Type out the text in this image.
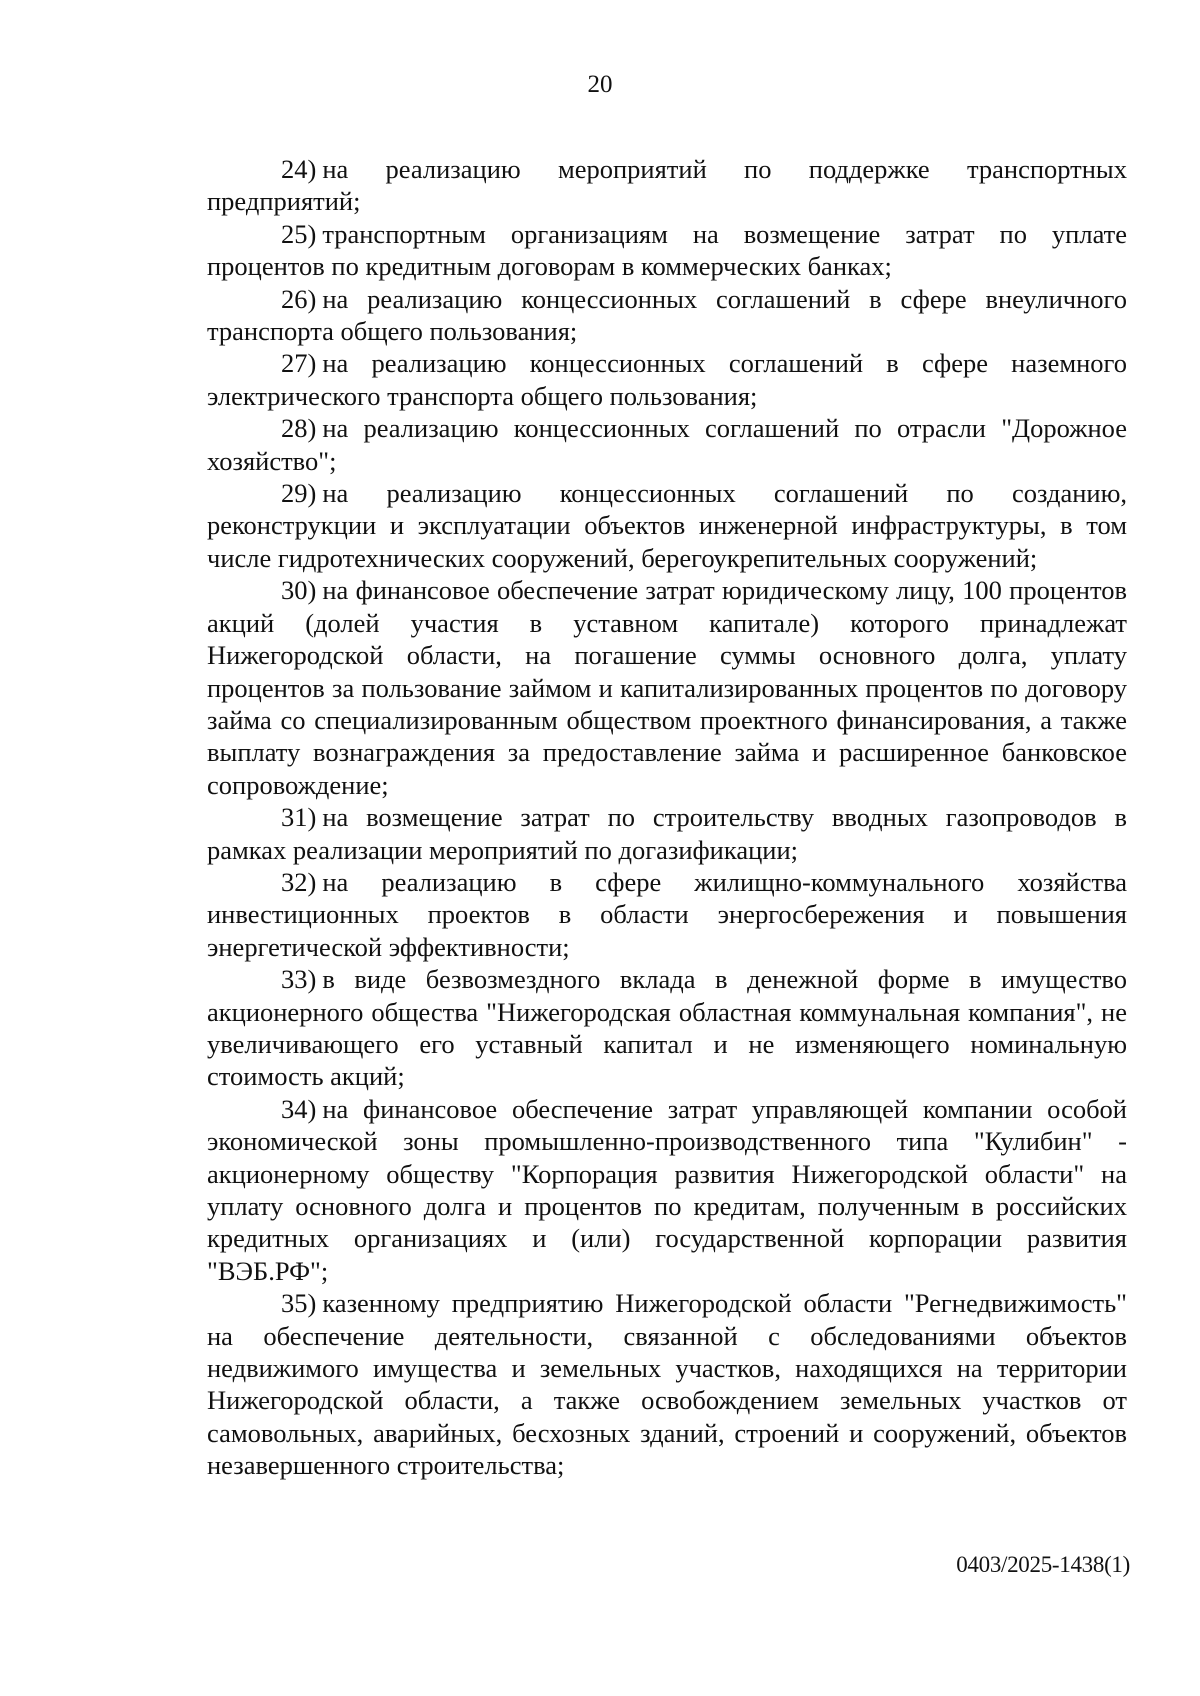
20

24) на реализацию мероприятий по поддержке транспортных предприятий;

25) транспортным организациям на возмещение затрат по уплате процентов по кредитным договорам в коммерческих банках;

26) на реализацию концессионных соглашений в сфере внеуличного транспорта общего пользования;

27) на реализацию концессионных соглашений в сфере наземного электрического транспорта общего пользования;

28) на реализацию концессионных соглашений по отрасли "Дорожное хозяйство";

29) на реализацию концессионных соглашений по созданию, реконструкции и эксплуатации объектов инженерной инфраструктуры, в том числе гидротехнических сооружений, берегоукрепительных сооружений;

30) на финансовое обеспечение затрат юридическому лицу, 100 процентов акций (долей участия в уставном капитале) которого принадлежат Нижегородской области, на погашение суммы основного долга, уплату процентов за пользование займом и капитализированных процентов по договору займа со специализированным обществом проектного финансирования, а также выплату вознаграждения за предоставление займа и расширенное банковское сопровождение;

31) на возмещение затрат по строительству вводных газопроводов в рамках реализации мероприятий по догазификации;

32) на реализацию в сфере жилищно-коммунального хозяйства инвестиционных проектов в области энергосбережения и повышения энергетической эффективности;

33) в виде безвозмездного вклада в денежной форме в имущество акционерного общества "Нижегородская областная коммунальная компания", не увеличивающего его уставный капитал и не изменяющего номинальную стоимость акций;

34) на финансовое обеспечение затрат управляющей компании особой экономической зоны промышленно-производственного типа "Кулибин" - акционерному обществу "Корпорация развития Нижегородской области" на уплату основного долга и процентов по кредитам, полученным в российских кредитных организациях и (или) государственной корпорации развития "ВЭБ.РФ";

35) казенному предприятию Нижегородской области "Регнедвижимость" на обеспечение деятельности, связанной с обследованиями объектов недвижимого имущества и земельных участков, находящихся на территории Нижегородской области, а также освобождением земельных участков от самовольных, аварийных, бесхозных зданий, строений и сооружений, объектов незавершенного строительства;

0403/2025-1438(1)
